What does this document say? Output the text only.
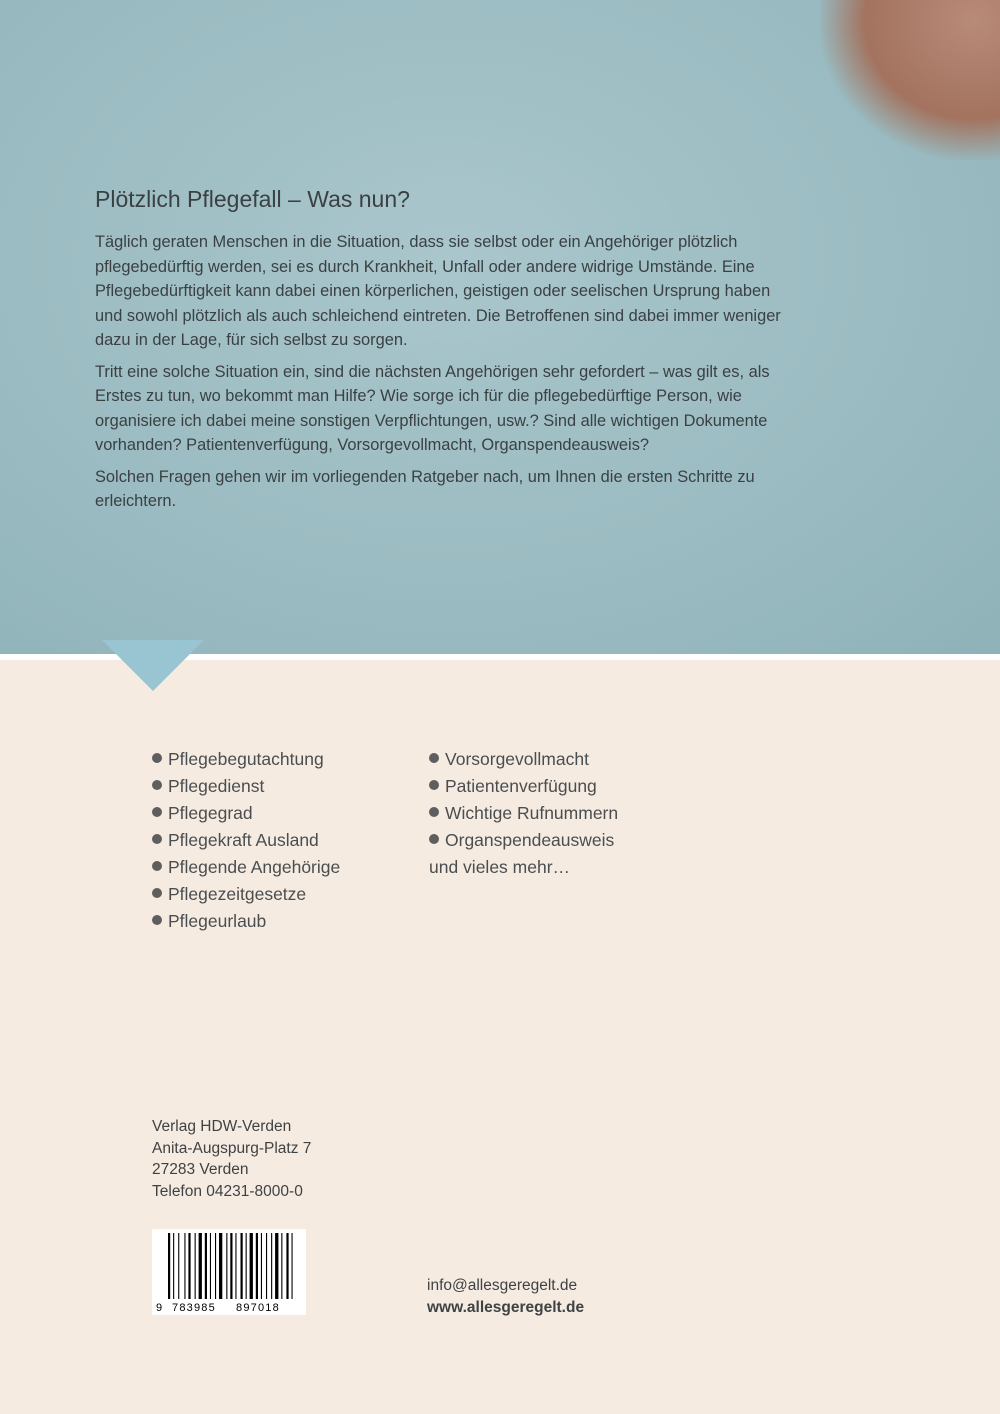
Plötzlich Pflegefall – Was nun?

Täglich geraten Menschen in die Situation, dass sie selbst oder ein Angehöriger plötzlich pflegebedürftig werden, sei es durch Krankheit, Unfall oder andere widrige Umstände. Eine Pflegebedürftigkeit kann dabei einen körperlichen, geistigen oder seelischen Ursprung haben und sowohl plötzlich als auch schleichend eintreten. Die Betroffenen sind dabei immer weniger dazu in der Lage, für sich selbst zu sorgen.

Tritt eine solche Situation ein, sind die nächsten Angehörigen sehr gefordert – was gilt es, als Erstes zu tun, wo bekommt man Hilfe? Wie sorge ich für die pflegebedürftige Person, wie organisiere ich dabei meine sonstigen Verpflichtungen, usw.? Sind alle wichtigen Dokumente vorhanden? Patientenverfügung, Vorsorgevollmacht, Organspendeausweis?

Solchen Fragen gehen wir im vorliegenden Ratgeber nach, um Ihnen die ersten Schritte zu erleichtern.

Pflegebegutachtung
Pflegedienst
Pflegegrad
Pflegekraft Ausland
Pflegende Angehörige
Pflegezeitgesetze
Pflegeurlaub
Vorsorgevollmacht
Patientenverfügung
Wichtige Rufnummern
Organspendeausweis
und vieles mehr…
Verlag HDW-Verden
Anita-Augspurg-Platz 7
27283 Verden
Telefon 04231-8000-0
9 783985 897018
info@allesgeregelt.de
www.allesgeregelt.de
